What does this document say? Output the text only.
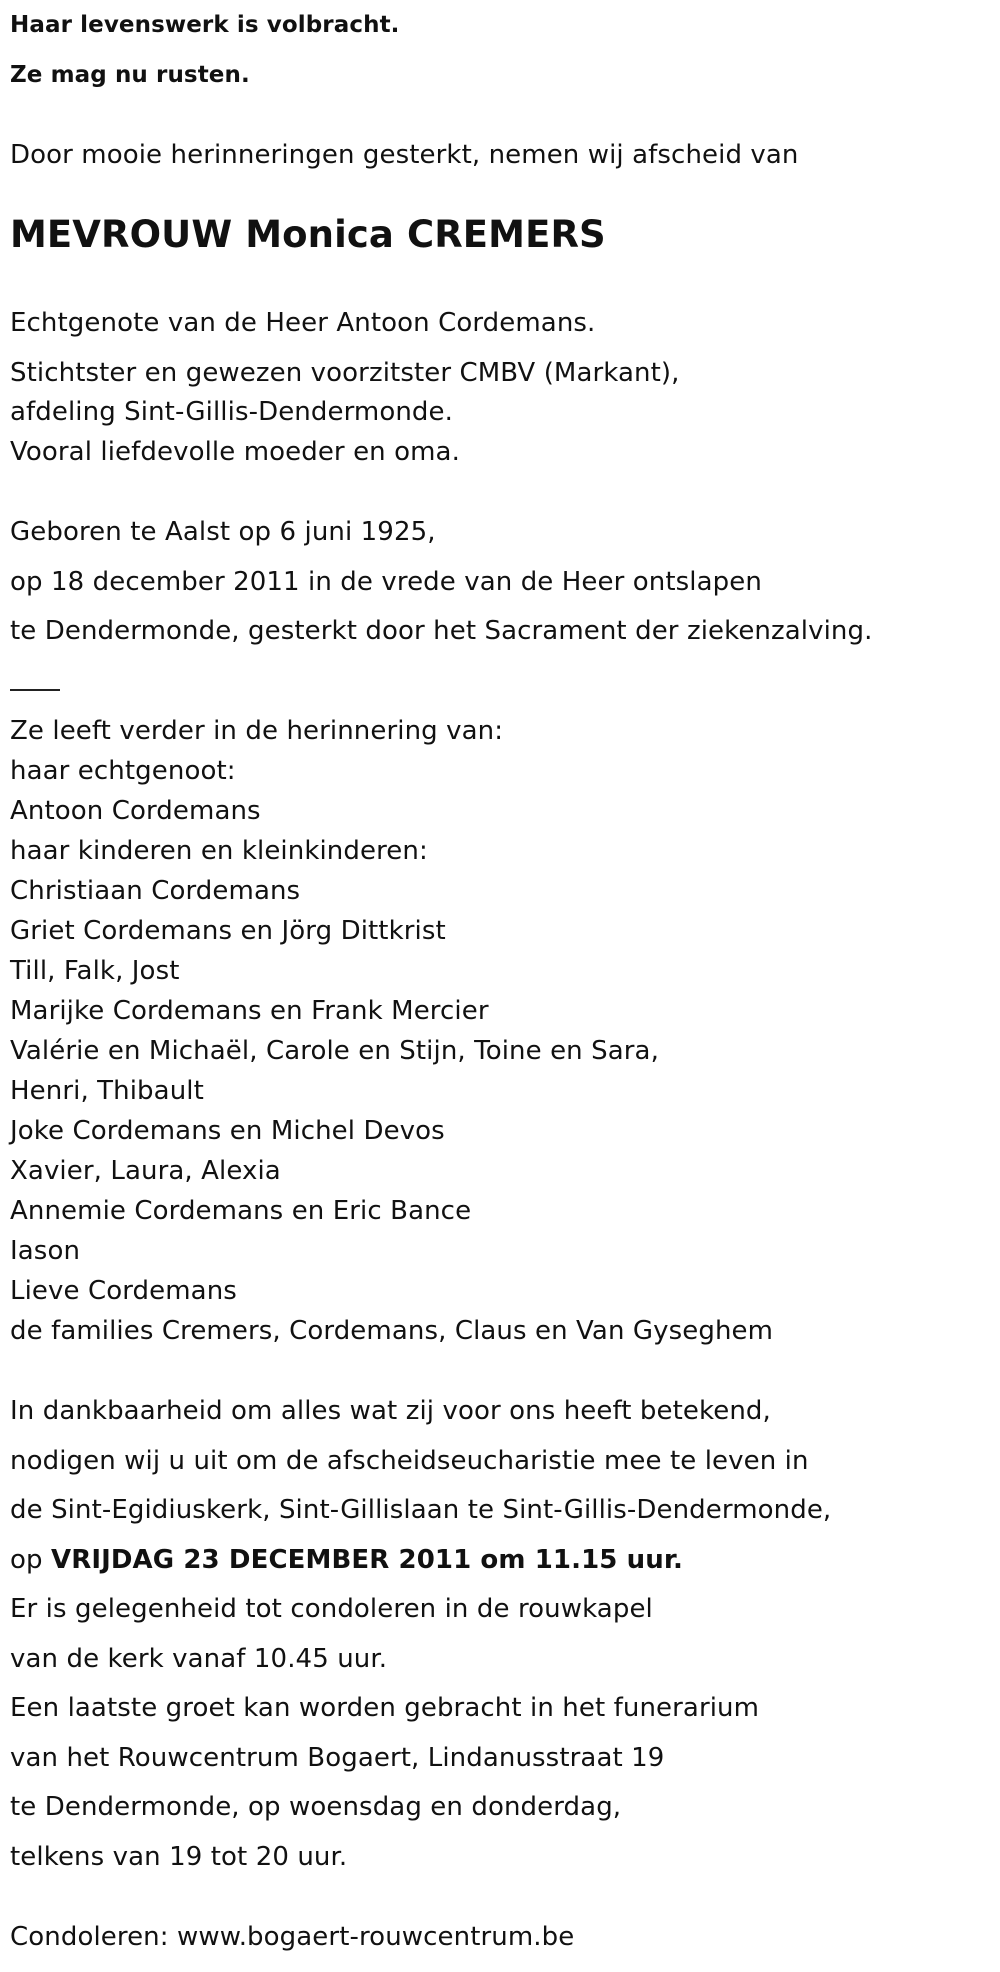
Haar levenswerk is volbracht.
Ze mag nu rusten.
Door mooie herinneringen gesterkt, nemen wij afscheid van
MEVROUW Monica CREMERS
Echtgenote van de Heer Antoon Cordemans.
Stichtster en gewezen voorzitster CMBV (Markant),
afdeling Sint-Gillis-Dendermonde.
Vooral liefdevolle moeder en oma.
Geboren te Aalst op 6 juni 1925,
op 18 december 2011 in de vrede van de Heer ontslapen
te Dendermonde, gesterkt door het Sacrament der ziekenzalving.
Ze leeft verder in de herinnering van:
haar echtgenoot:
Antoon Cordemans
haar kinderen en kleinkinderen:
Christiaan Cordemans
Griet Cordemans en Jörg Dittkrist
Till, Falk, Jost
Marijke Cordemans en Frank Mercier
Valérie en Michaël, Carole en Stijn, Toine en Sara,
Henri, Thibault
Joke Cordemans en Michel Devos
Xavier, Laura, Alexia
Annemie Cordemans en Eric Bance
Iason
Lieve Cordemans
de families Cremers, Cordemans, Claus en Van Gyseghem
In dankbaarheid om alles wat zij voor ons heeft betekend,
nodigen wij u uit om de afscheidseucharistie mee te leven in
de Sint-Egidiuskerk, Sint-Gillislaan te Sint-Gillis-Dendermonde,
op VRIJDAG 23 DECEMBER 2011 om 11.15 uur.
Er is gelegenheid tot condoleren in de rouwkapel
van de kerk vanaf 10.45 uur.
Een laatste groet kan worden gebracht in het funerarium
van het Rouwcentrum Bogaert, Lindanusstraat 19
te Dendermonde, op woensdag en donderdag,
telkens van 19 tot 20 uur.
Condoleren: www.bogaert-rouwcentrum.be
